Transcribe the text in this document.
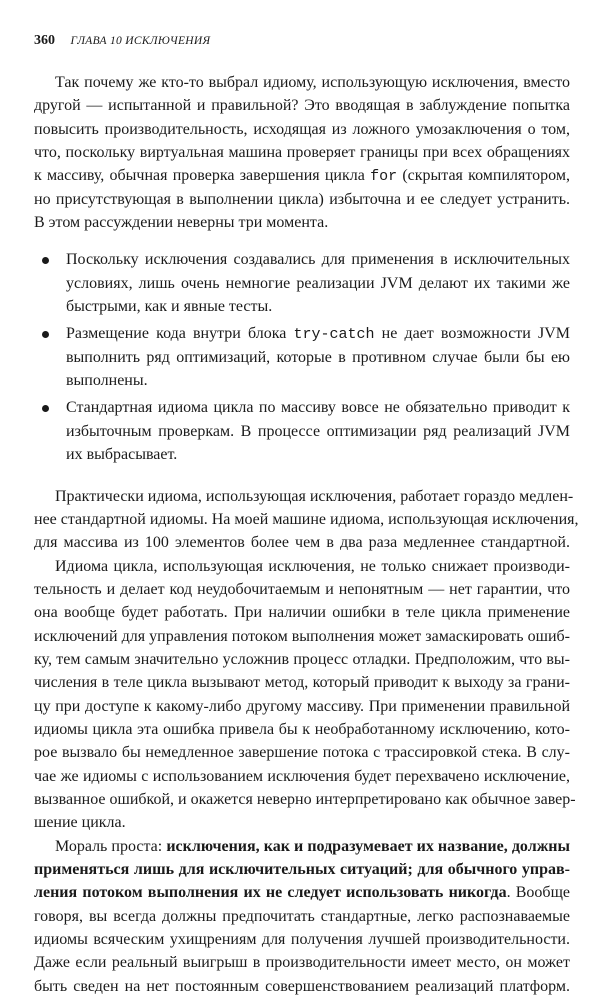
360 ГЛАВА 10 ИСКЛЮЧЕНИЯ
Так почему же кто-то выбрал идиому, использующую исключения, вместо
другой — испытанной и правильной? Это вводящая в заблуждение попытка
повысить производительность, исходящая из ложного умозаключения о том,
что, поскольку виртуальная машина проверяет границы при всех обращениях
к массиву, обычная проверка завершения цикла for (скрытая компилятором,
но присутствующая в выполнении цикла) избыточна и ее следует устранить.
В этом рассуждении неверны три момента.
Поскольку исключения создавались для применения в исключительных
условиях, лишь очень немногие реализации JVM делают их такими же
быстрыми, как и явные тесты.
Размещение кода внутри блока try-catch не дает возможности JVM
выполнить ряд оптимизаций, которые в противном случае были бы ею
выполнены.
Стандартная идиома цикла по массиву вовсе не обязательно приводит к
избыточным проверкам. В процессе оптимизации ряд реализаций JVM
их выбрасывает.
Практически идиома, использующая исключения, работает гораздо медлен-
нее стандартной идиомы. На моей машине идиома, использующая исключения,
для массива из 100 элементов более чем в два раза медленнее стандартной.
Идиома цикла, использующая исключения, не только снижает производи-
тельность и делает код неудобочитаемым и непонятным — нет гарантии, что
она вообще будет работать. При наличии ошибки в теле цикла применение
исключений для управления потоком выполнения может замаскировать ошиб-
ку, тем самым значительно усложнив процесс отладки. Предположим, что вы-
числения в теле цикла вызывают метод, который приводит к выходу за грани-
цу при доступе к какому-либо другому массиву. При применении правильной
идиомы цикла эта ошибка привела бы к необработанному исключению, кото-
рое вызвало бы немедленное завершение потока с трассировкой стека. В слу-
чае же идиомы с использованием исключения будет перехвачено исключение,
вызванное ошибкой, и окажется неверно интерпретировано как обычное завер-
шение цикла.
Мораль проста: исключения, как и подразумевает их название, должны
применяться лишь для исключительных ситуаций; для обычного управ-
ления потоком выполнения их не следует использовать никогда. Вообще
говоря, вы всегда должны предпочитать стандартные, легко распознаваемые
идиомы всяческим ухищрениям для получения лучшей производительности.
Даже если реальный выигрыш в производительности имеет место, он может
быть сведен на нет постоянным совершенствованием реализаций платформ.
